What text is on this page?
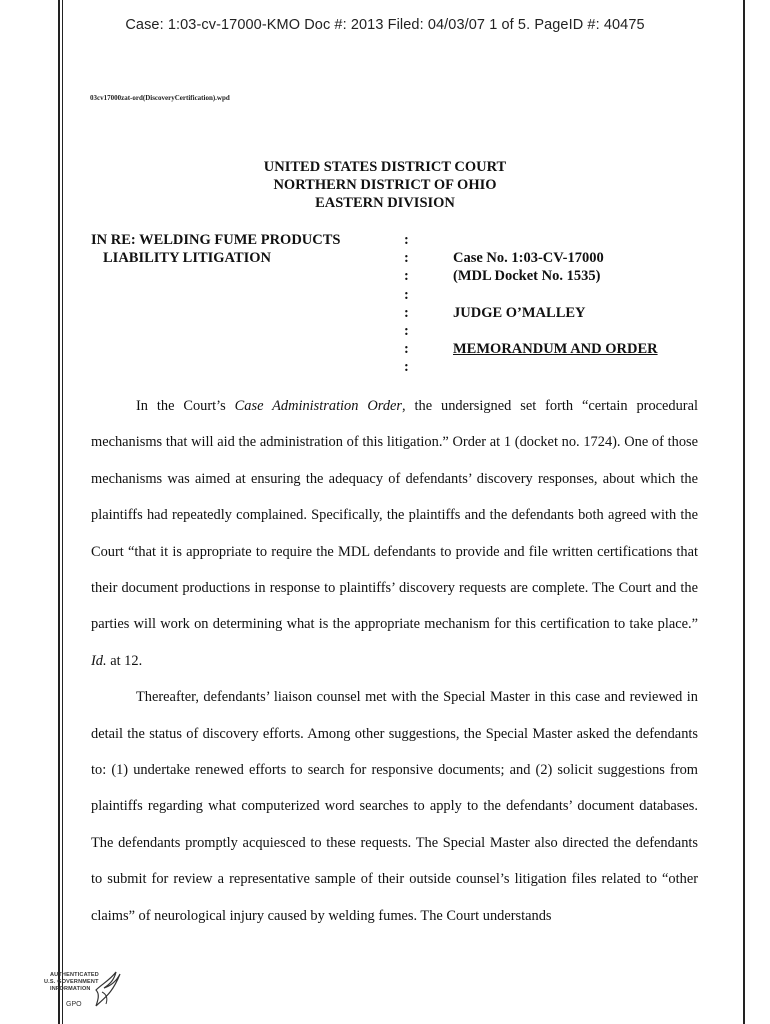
Case: 1:03-cv-17000-KMO Doc #: 2013 Filed: 04/03/07 1 of 5. PageID #: 40475
03cv17000zat-ord(DiscoveryCertification).wpd
UNITED STATES DISTRICT COURT
NORTHERN DISTRICT OF OHIO
EASTERN DIVISION
IN RE: WELDING FUME PRODUCTS
LIABILITY LITIGATION
:
:
:
:
:
:
:
:
Case No. 1:03-CV-17000
(MDL Docket No. 1535)
JUDGE O’MALLEY
MEMORANDUM AND ORDER

In the Court’s Case Administration Order, the undersigned set forth “certain procedural mechanisms that will aid the administration of this litigation.” Order at 1 (docket no. 1724). One of those mechanisms was aimed at ensuring the adequacy of defendants’ discovery responses, about which the plaintiffs had repeatedly complained. Specifically, the plaintiffs and the defendants both agreed with the Court “that it is appropriate to require the MDL defendants to provide and file written certifications that their document productions in response to plaintiffs’ discovery requests are complete. The Court and the parties will work on determining what is the appropriate mechanism for this certification to take place.” Id. at 12.

Thereafter, defendants’ liaison counsel met with the Special Master in this case and reviewed in detail the status of discovery efforts. Among other suggestions, the Special Master asked the defendants to: (1) undertake renewed efforts to search for responsive documents; and (2) solicit suggestions from plaintiffs regarding what computerized word searches to apply to the defendants’ document databases. The defendants promptly acquiesced to these requests. The Special Master also directed the defendants to submit for review a representative sample of their outside counsel’s litigation files related to “other claims” of neurological injury caused by welding fumes. The Court understands

AUTHENTICATED
U.S. GOVERNMENT
INFORMATION
GPO
